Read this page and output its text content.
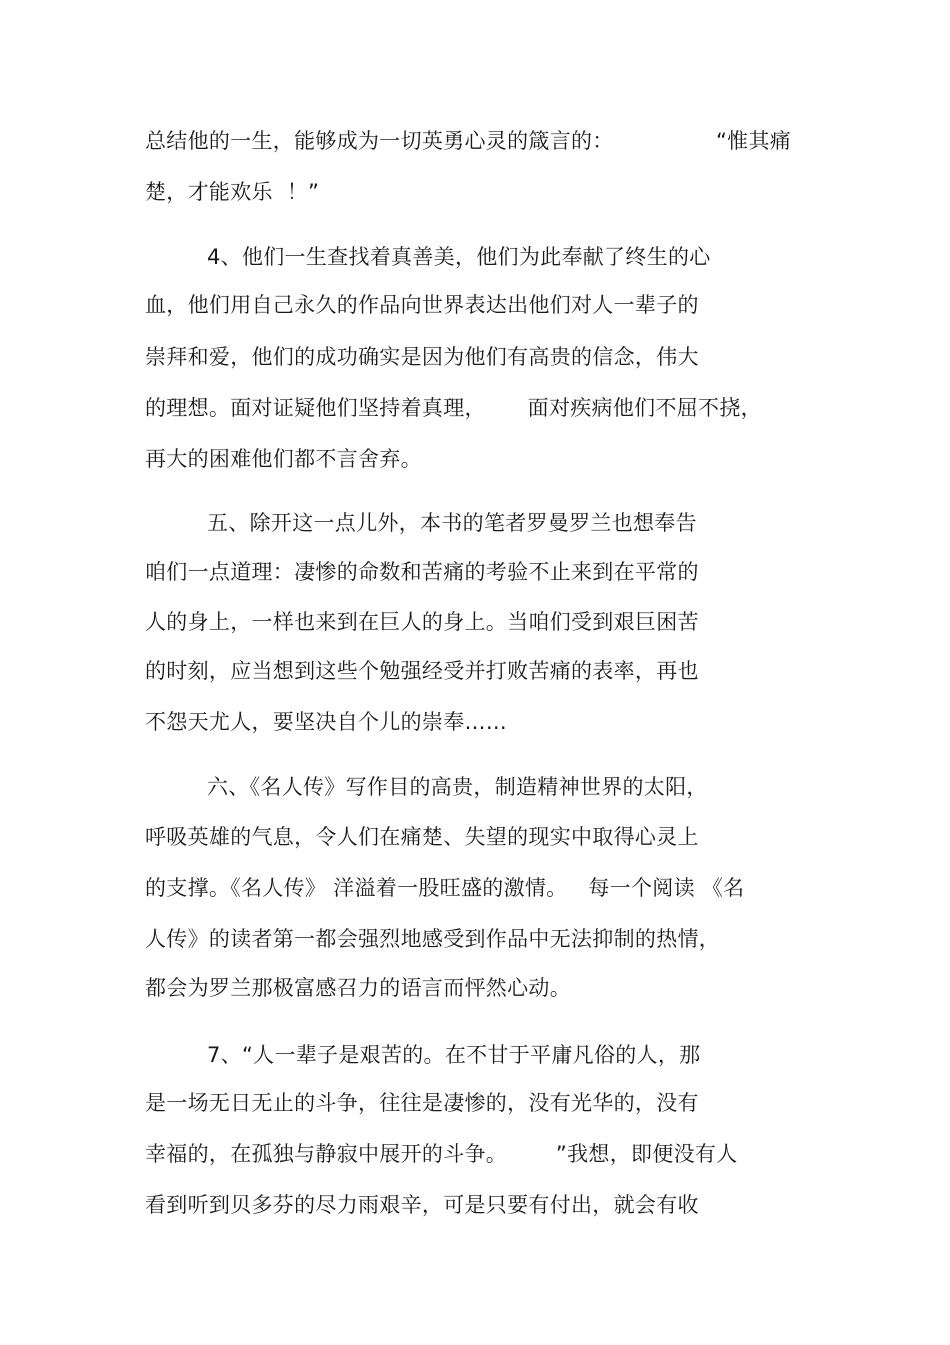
总结他的一生，能够成为一切英勇心灵的箴言的：	“惟其痛
楚，才能欢乐  ！”
4、他们一生查找着真善美，他们为此奉献了终生的心
血，他们用自己永久的作品向世界表达出他们对人一辈子的
崇拜和爱，他们的成功确实是因为他们有高贵的信念，伟大
的理想。面对证疑他们坚持着真理，      面对疾病他们不屈不挠，
再大的困难他们都不言舍弃。
五、除开这一点儿外，本书的笔者罗曼罗兰也想奉告
咱们一点道理：凄惨的命数和苦痛的考验不止来到在平常的
人的身上，一样也来到在巨人的身上。当咱们受到艰巨困苦
的时刻，应当想到这些个勉强经受并打败苦痛的表率，再也
不怨天尤人，要坚决自个儿的崇奉……
六、《名人传》写作目的高贵，制造精神世界的太阳，
呼吸英雄的气息，令人们在痛楚、失望的现实中取得心灵上
的支撑。《名人传》 洋溢着一股旺盛的激情。   每一个阅读 《名
人传》的读者第一都会强烈地感受到作品中无法抑制的热情，
都会为罗兰那极富感召力的语言而怦然心动。
7、“人一辈子是艰苦的。在不甘于平庸凡俗的人，那
是一场无日无止的斗争，往往是凄惨的，没有光华的，没有
幸福的，在孤独与静寂中展开的斗争。       ”我想，即便没有人
看到听到贝多芬的尽力雨艰辛，可是只要有付出，就会有收
